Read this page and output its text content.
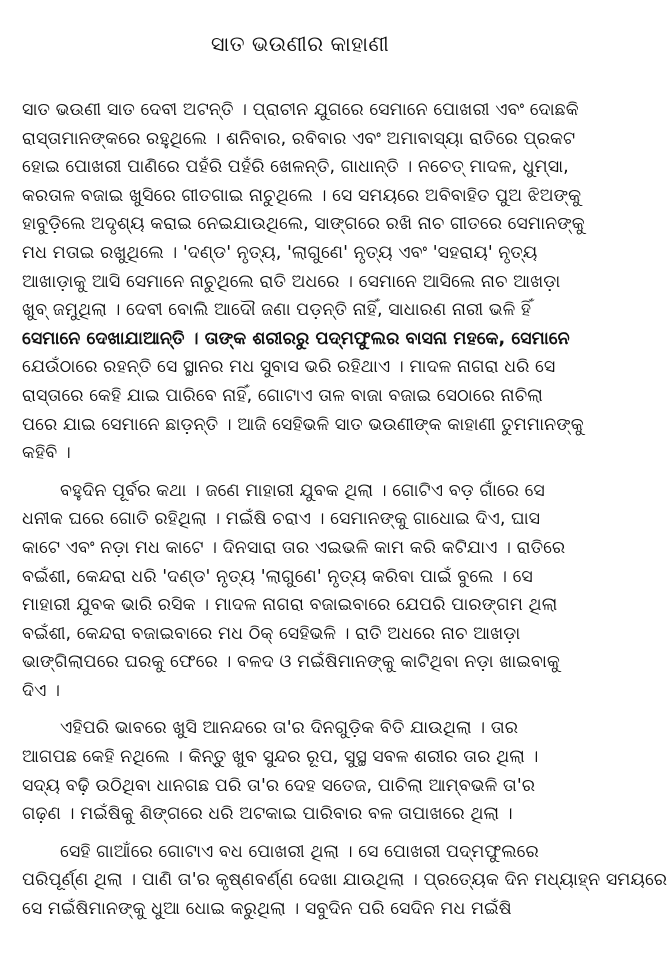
ସାତ ଭଉଣୀର କାହାଣୀ
ସାତ ଭଉଣୀ ସାତ ଦେବୀ ଅଟନ୍ତି । ପ୍ରାଚୀନ ଯୁଗରେ ସେମାନେ ପୋଖରୀ ଏବଂ ଦୋଛକି
ରାସ୍ତାମାନଙ୍କରେ ରହୁଥିଲେ । ଶନିବାର, ରବିବାର ଏବଂ ଅମାବାସ୍ୟା ରାତିରେ ପ୍ରକଟ
ହୋଇ ପୋଖରୀ ପାଣିରେ ପହଁରି ପହଁରି ଖେଳନ୍ତି, ଗାଧାନ୍ତି । ନଚେତ୍ ମାଦଳ, ଧୁମ୍‌ସା,
କରତାଳ ବଜାଇ ଖୁସିରେ ଗୀତଗାଇ ନାଚୁଥିଲେ । ସେ ସମୟରେ ଅବିବାହିତ ପୁଅ ଝିଅଙ୍କୁ
ହାବୁଡ଼ିଲେ ଅଦୃଶ୍ୟ କରାଇ ନେଇଯାଉଥିଲେ, ସାଙ୍ଗରେ ରଖି ନାଚ ଗୀତରେ ସେମାନଙ୍କୁ
ମଧ ମତାଇ ରଖୁଥିଲେ । 'ଦଣ୍ଡ' ନୃତ୍ୟ, 'ଲାଗୁଣେ' ନୃତ୍ୟ ଏବଂ 'ସହରାୟ' ନୃତ୍ୟ
ଆଖାଡ଼ାକୁ ଆସି ସେମାନେ ନାଚୁଥିଲେ ରାତି ଅଧରେ । ସେମାନେ ଆସିଲେ ନାଚ ଆଖଡ଼ା
ଖୁବ୍ ଜମୁଥିଲା । ଦେବୀ ବୋଲି ଆଦୌ ଜଣା ପଡ଼ନ୍ତି ନାହିଁ, ସାଧାରଣ ନାରୀ ଭଳି ହିଁ
ସେମାନେ ଦେଖାଯାଆନ୍ତି । ତାଙ୍କ ଶରୀରରୁ ପଦ୍ମଫୁଲର ବାସନା ମହକେ, ସେମାନେ
ଯେଉଁଠାରେ ରହନ୍ତି ସେ ସ୍ଥାନର ମଧ ସୁବାସ ଭରି ରହିଥାଏ । ମାଦଳ ନାଗରା ଧରି ସେ
ରାସ୍ତାରେ କେହି ଯାଇ ପାରିବେ ନାହିଁ, ଗୋଟାଏ ତାଳ ବାଜା ବଜାଇ ସେଠାରେ ନାଚିଲା
ପରେ ଯାଇ ସେମାନେ ଛାଡ଼ନ୍ତି । ଆଜି ସେହିଭଳି ସାତ ଭଉଣୀଙ୍କ କାହାଣୀ ତୁମମାନଙ୍କୁ
କହିବି ।
ବହୁଦିନ ପୂର୍ବର କଥା । ଜଣେ ମାହାରୀ ଯୁବକ ଥିଲା । ଗୋଟିଏ ବଡ଼ ଗାଁରେ ସେ
ଧନୀକ ଘରେ ଗୋତି ରହିଥିଲା । ମଇଁଷି ଚରାଏ । ସେମାନଙ୍କୁ ଗାଧୋଇ ଦିଏ, ଘାସ
କାଟେ ଏବଂ ନଡ଼ା ମଧ କାଟେ । ଦିନସାରା ତାର ଏଇଭଳି କାମ କରି କଟିଯାଏ । ରାତିରେ
ବଇଁଶୀ, କେନ୍ଦରା ଧରି 'ଦଣ୍ଡ' ନୃତ୍ୟ 'ଲାଗୁଣେ' ନୃତ୍ୟ କରିବା ପାଇଁ ବୁଲେ । ସେ
ମାହାରୀ ଯୁବକ ଭାରି ରସିକ । ମାଦଳ ନାଗରା ବଜାଇବାରେ ଯେପରି ପାରଙ୍ଗମ ଥିଲା
ବଇଁଶୀ, କେନ୍ଦରା ବଜାଇବାରେ ମଧ ଠିକ୍ ସେହିଭଳି । ରାତି ଅଧରେ ନାଚ ଆଖଡ଼ା
ଭାଙ୍ଗିଲାପରେ ଘରକୁ ଫେରେ । ବଳଦ ଓ ମଇଁଷିମାନଙ୍କୁ କାଟିଥିବା ନଡ଼ା ଖାଇବାକୁ
ଦିଏ ।
ଏହିପରି ଭାବରେ ଖୁସି ଆନନ୍ଦରେ ତା'ର ଦିନଗୁଡ଼ିକ ବିତି ଯାଉଥିଲା । ତାର
ଆଗପଛ କେହି ନଥିଲେ । କିନ୍ତୁ ଖୁବ ସୁନ୍ଦର ରୂପ, ସୁସ୍ଥ ସବଳ ଶରୀର ତାର ଥିଲା ।
ସଦ୍ୟ ବଢ଼ି ଉଠିଥିବା ଧାନଗଛ ପରି ତା'ର ଦେହ ସତେଜ, ପାଚିଲା ଆମ୍ବଭଳି ତା'ର
ଗଢ଼ଣ । ମଇଁଷିକୁ ଶିଙ୍ଗରେ ଧରି ଅଟକାଇ ପାରିବାର ବଳ ତାପାଖରେ ଥିଲା ।
ସେହି ଗାଆଁରେ ଗୋଟାଏ ବଧ ପୋଖରୀ ଥିଲା । ସେ ପୋଖରୀ ପଦ୍ମଫୁଲରେ
ପରିପୂର୍ଣ୍ଣ ଥିଲା । ପାଣି ତା'ର କୃଷ୍ଣବର୍ଣ୍ଣ ଦେଖା ଯାଉଥିଲା । ପ୍ରତ୍ୟେକ ଦିନ ମଧ୍ୟାହ୍ନ ସମୟରେ
ସେ ମଇଁଷିମାନଙ୍କୁ ଧୁଆ ଧୋଇ କରୁଥିଲା । ସବୁଦିନ ପରି ସେଦିନ ମଧ ମଇଁଷି
